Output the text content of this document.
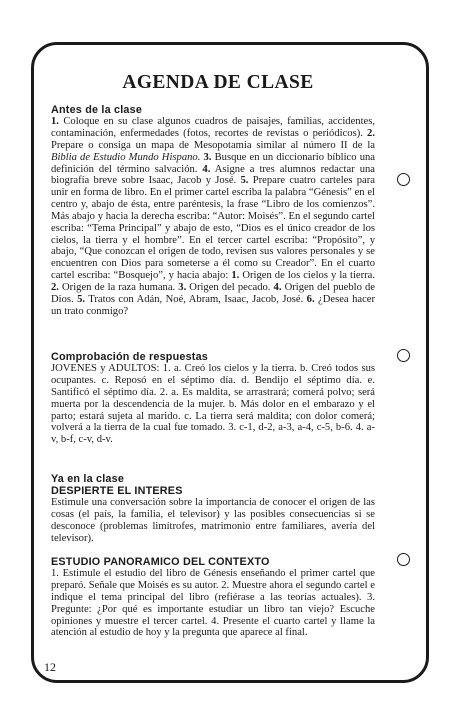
AGENDA DE CLASE
Antes de la clase

1. Coloque en su clase algunos cuadros de paisajes, familias, accidentes, contaminación, enfermedades (fotos, recortes de revistas o periódicos). 2. Prepare o consiga un mapa de Mesopotamia similar al número II de la Biblia de Estudio Mundo Hispano. 3. Busque en un diccionario bíblico una definición del término salvación. 4. Asigne a tres alumnos redactar una biografía breve sobre Isaac, Jacob y José. 5. Prepare cuatro carteles para unir en forma de libro. En el primer cartel escriba la palabra “Génesis” en el centro y, abajo de ésta, entre paréntesis, la frase “Libro de los comienzos”. Más abajo y hacia la derecha escriba: “Autor: Moisés”. En el segundo cartel escriba: “Tema Principal” y abajo de esto, “Dios es el único creador de los cielos, la tierra y el hombre”. En el tercer cartel escriba: “Propósito”, y abajo, “Que conozcan el origen de todo, revisen sus valores personales y se encuentren con Dios para someterse a él como su Creador”. En el cuarto cartel escriba: “Bosquejo”, y hacia abajo: 1. Origen de los cielos y la tierra. 2. Origen de la raza humana. 3. Origen del pecado. 4. Origen del pueblo de Dios. 5. Tratos con Adán, Noé, Abram, Isaac, Jacob, José. 6. ¿Desea hacer un trato conmigo?

Comprobación de respuestas

JOVENES y ADULTOS: 1. a. Creó los cielos y la tierra. b. Creó todos sus ocupantes. c. Reposó en el séptimo día. d. Bendijo el séptimo día. e. Santificó el séptimo día. 2. a. Es maldita, se arrastrará; comerá polvo; será muerta por la descendencia de la mujer. b. Más dolor en el embarazo y el parto; estará sujeta al marido. c. La tierra será maldita; con dolor comerá; volverá a la tierra de la cual fue tomado. 3. c-1, d-2, a-3, a-4, c-5, b-6. 4. a-v, b-f, c-v, d-v.

Ya en la clase
DESPIERTE EL INTERES

Estimule una conversación sobre la importancia de conocer el origen de las cosas (el país, la familia, el televisor) y las posibles consecuencias si se desconoce (problemas limítrofes, matrimonio entre familiares, avería del televisor).

ESTUDIO PANORAMICO DEL CONTEXTO

1. Estimule el estudio del libro de Génesis enseñando el primer cartel que preparó. Señale que Moisés es su autor. 2. Muestre ahora el segundo cartel e indique el tema principal del libro (refiérase a las teorías actuales). 3. Pregunte: ¿Por qué es importante estudiar un libro tan viejo? Escuche opiniones y muestre el tercer cartel. 4. Presente el cuarto cartel y llame la atención al estudio de hoy y la pregunta que aparece al final.

12
